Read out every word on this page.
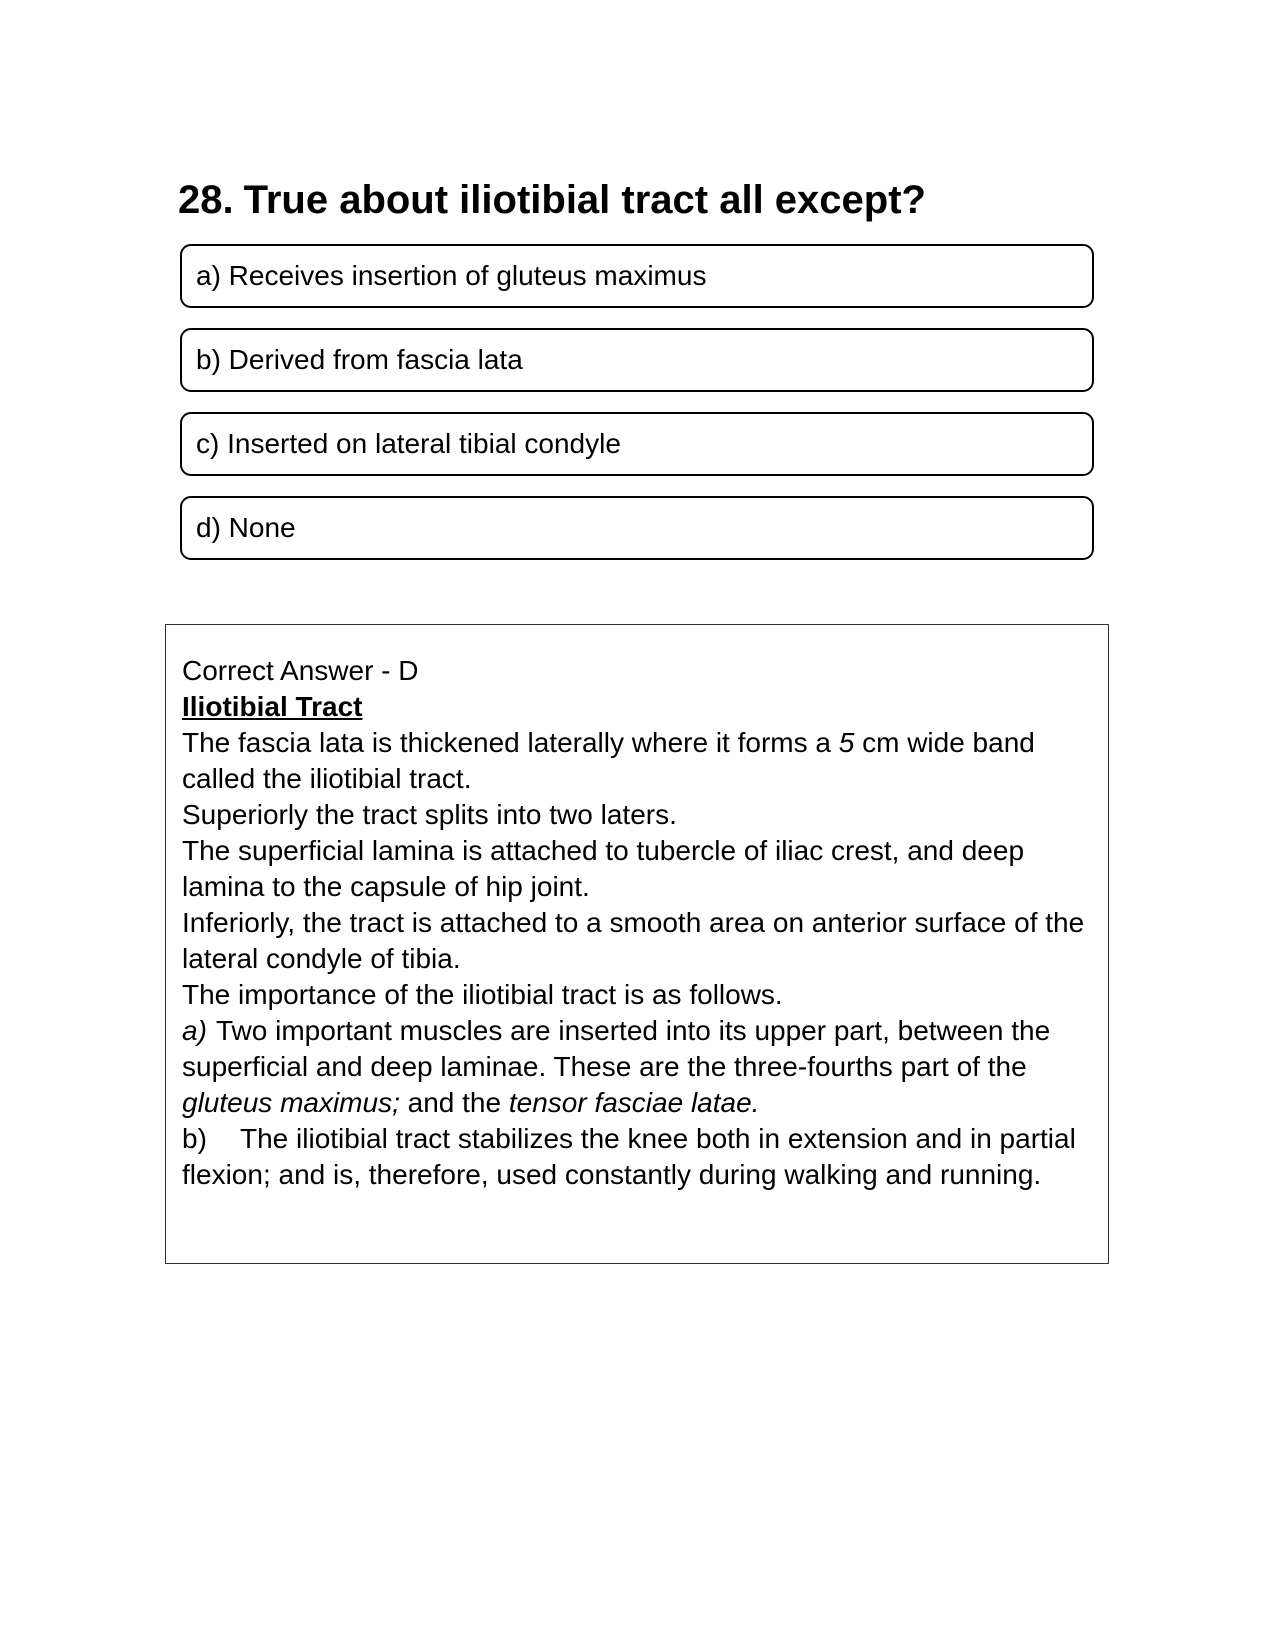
28. True about iliotibial tract all except?
a) Receives insertion of gluteus maximus
b) Derived from fascia lata
c) Inserted on lateral tibial condyle
d) None
Correct Answer - D
Iliotibial Tract
The fascia lata is thickened laterally where it forms a 5 cm wide band called the iliotibial tract.
Superiorly the tract splits into two laters.
The superficial lamina is attached to tubercle of iliac crest, and deep lamina to the capsule of hip joint.
Inferiorly, the tract is attached to a smooth area on anterior surface of the lateral condyle of tibia.
The importance of the iliotibial tract is as follows.
a) Two important muscles are inserted into its upper part, between the superficial and deep laminae. These are the three-fourths part of the gluteus maximus; and the tensor fasciae latae.
b) The iliotibial tract stabilizes the knee both in extension and in partial flexion; and is, therefore, used constantly during walking and running.
